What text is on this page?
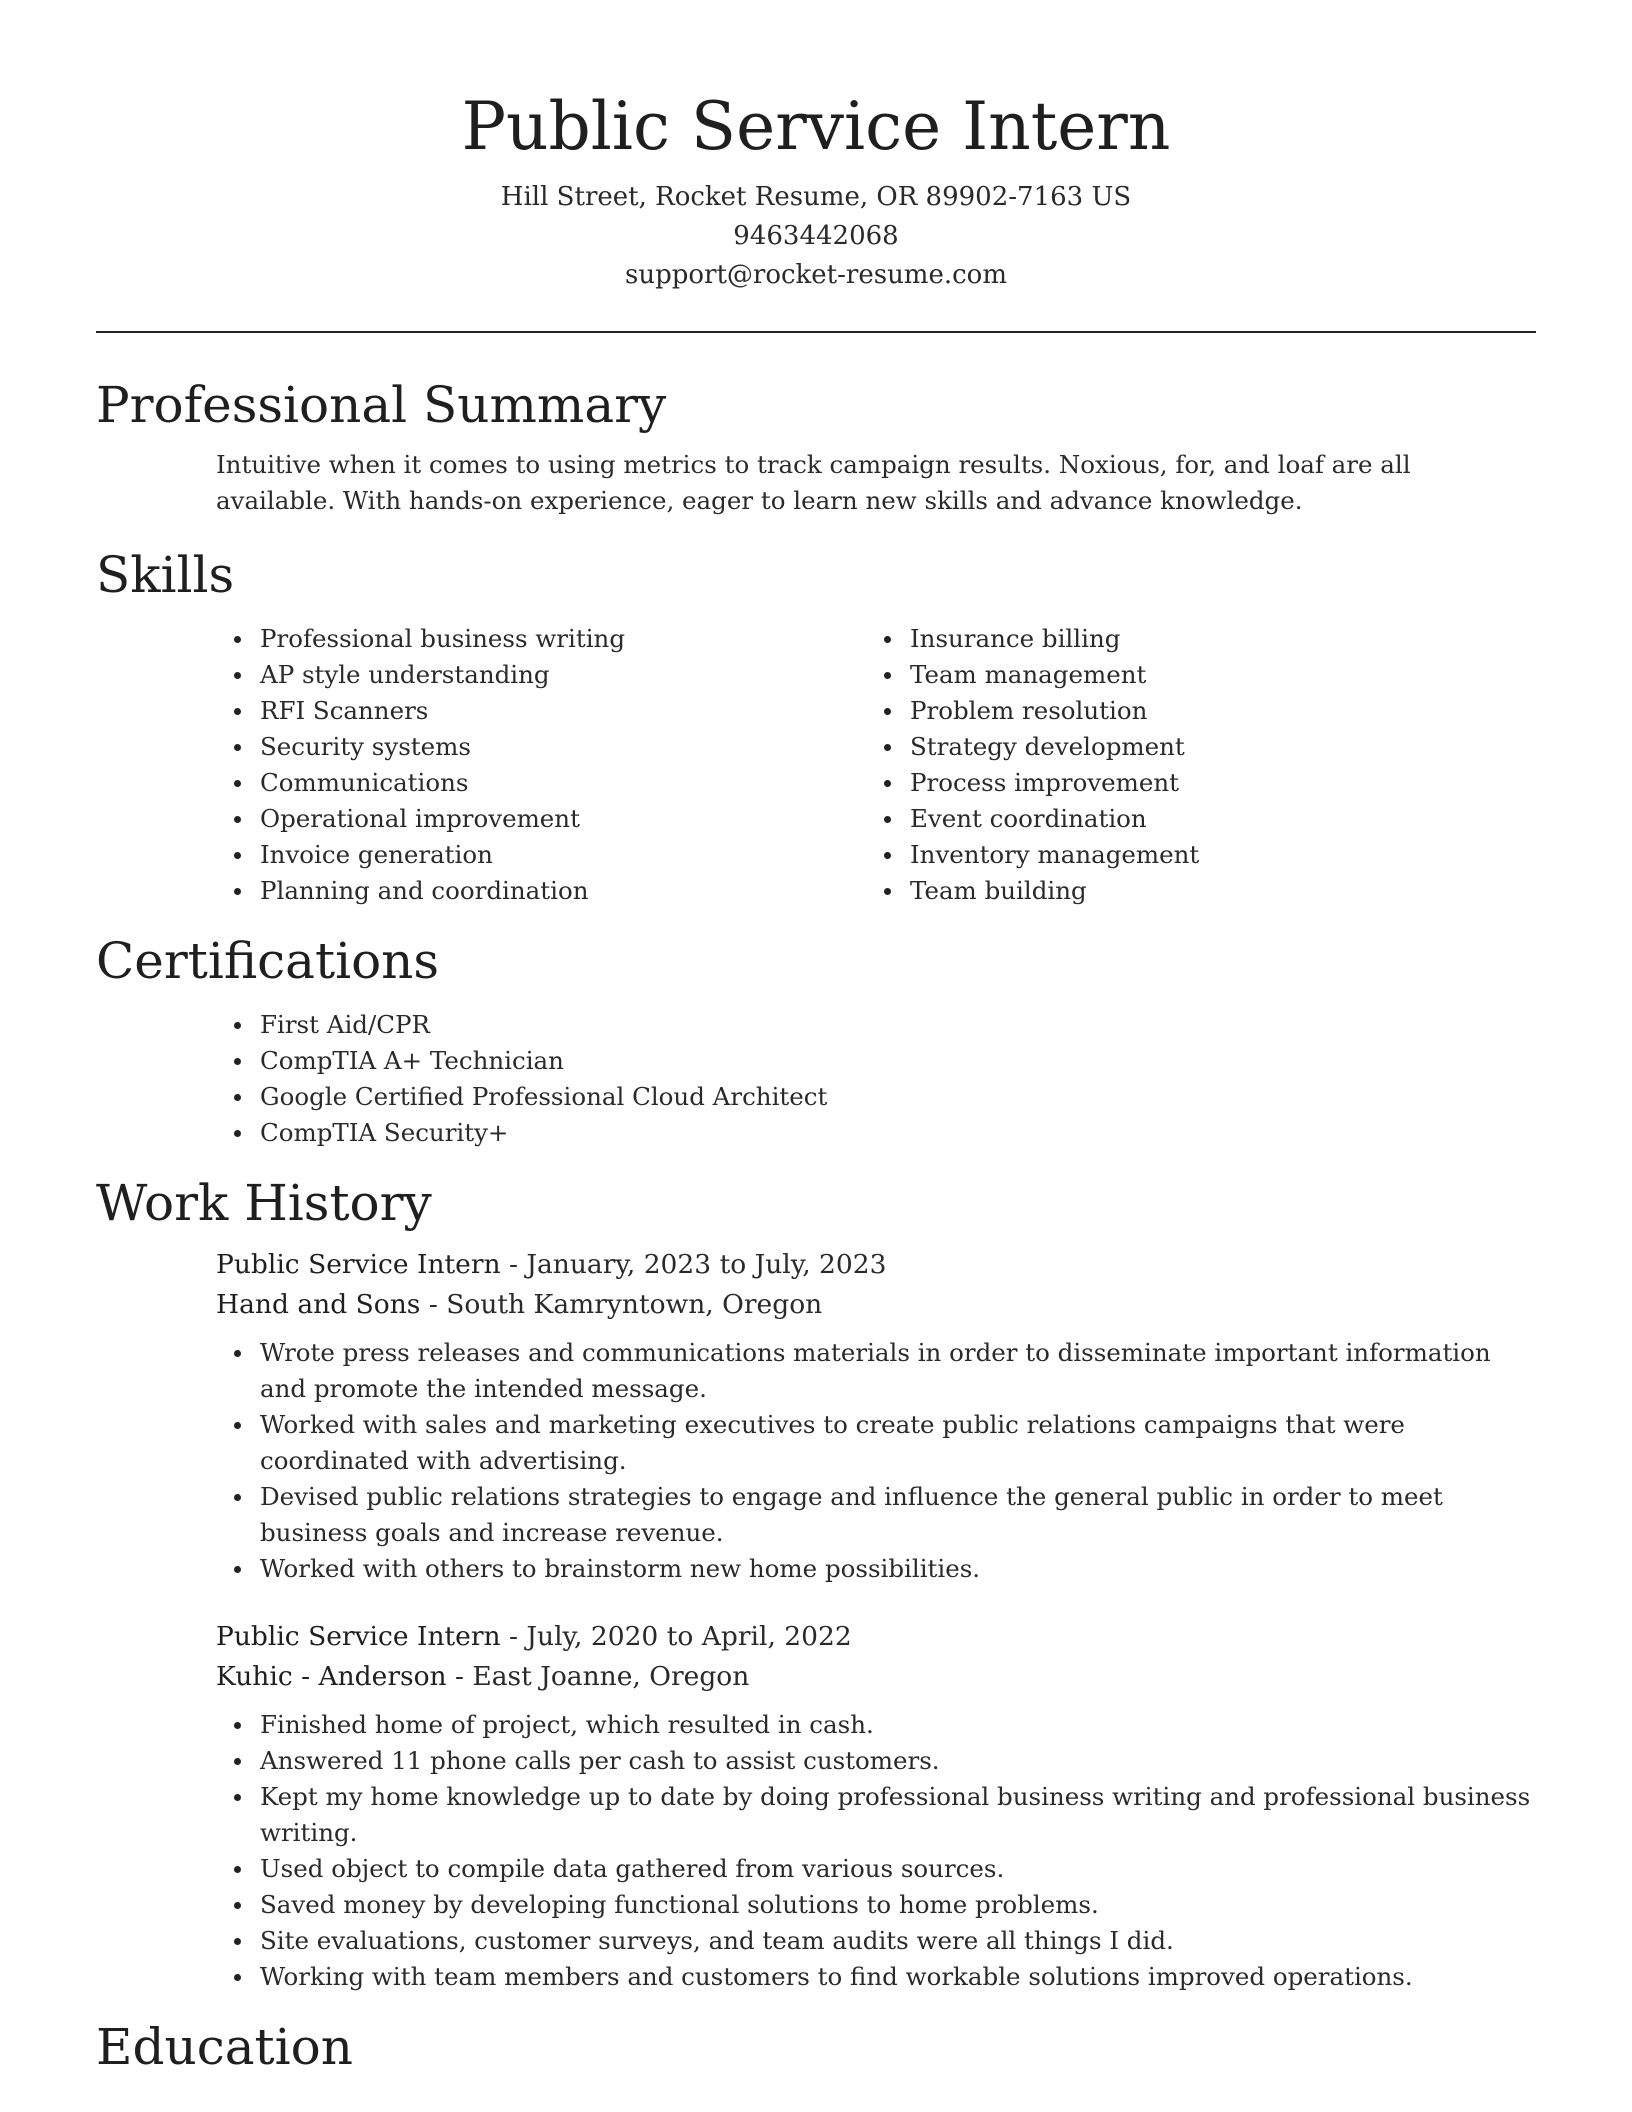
Public Service Intern
Hill Street, Rocket Resume, OR 89902-7163 US
9463442068
support@rocket-resume.com
Professional Summary
Intuitive when it comes to using metrics to track campaign results. Noxious, for, and loaf are all available. With hands-on experience, eager to learn new skills and advance knowledge.
Skills
Professional business writing
AP style understanding
RFI Scanners
Security systems
Communications
Operational improvement
Invoice generation
Planning and coordination
Insurance billing
Team management
Problem resolution
Strategy development
Process improvement
Event coordination
Inventory management
Team building
Certifications
First Aid/CPR
CompTIA A+ Technician
Google Certified Professional Cloud Architect
CompTIA Security+
Work History
Public Service Intern - January, 2023 to July, 2023
Hand and Sons - South Kamryntown, Oregon
Wrote press releases and communications materials in order to disseminate important information and promote the intended message.
Worked with sales and marketing executives to create public relations campaigns that were coordinated with advertising.
Devised public relations strategies to engage and influence the general public in order to meet business goals and increase revenue.
Worked with others to brainstorm new home possibilities.
Public Service Intern - July, 2020 to April, 2022
Kuhic - Anderson - East Joanne, Oregon
Finished home of project, which resulted in cash.
Answered 11 phone calls per cash to assist customers.
Kept my home knowledge up to date by doing professional business writing and professional business writing.
Used object to compile data gathered from various sources.
Saved money by developing functional solutions to home problems.
Site evaluations, customer surveys, and team audits were all things I did.
Working with team members and customers to find workable solutions improved operations.
Education
